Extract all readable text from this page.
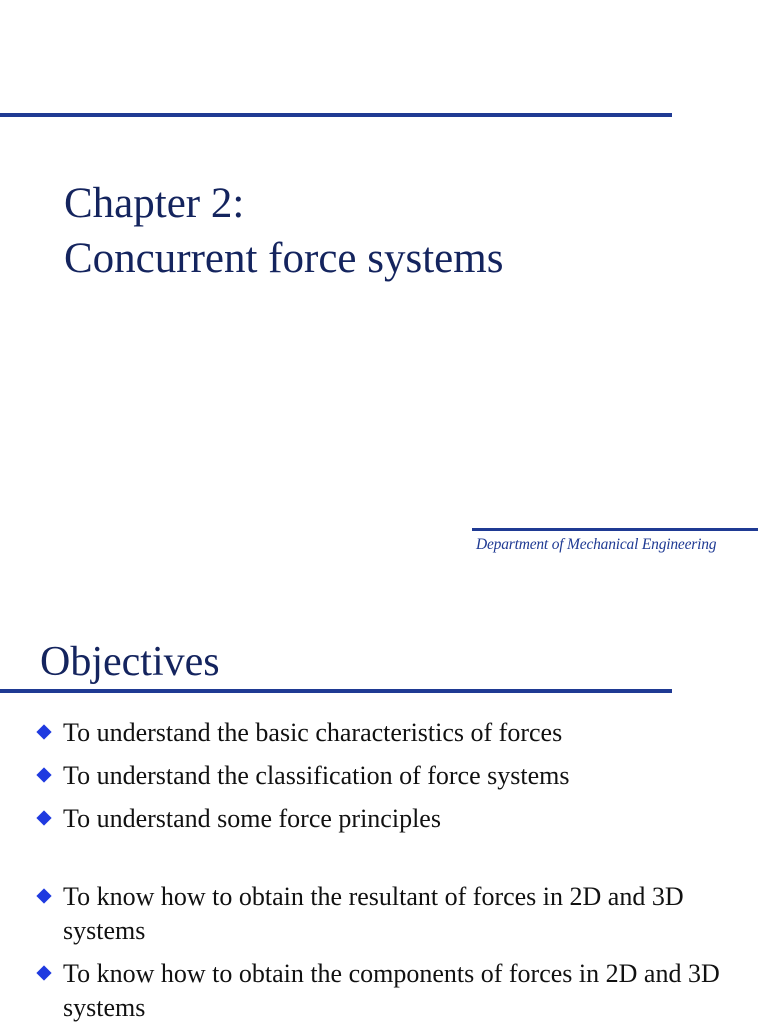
Chapter 2:
Concurrent force systems
Department of Mechanical Engineering
Objectives
To understand the basic characteristics of forces
To understand the classification of force systems
To understand some force principles
To know how to obtain the resultant of forces in 2D and 3D systems
To know how to obtain the components of forces in 2D and 3D systems
